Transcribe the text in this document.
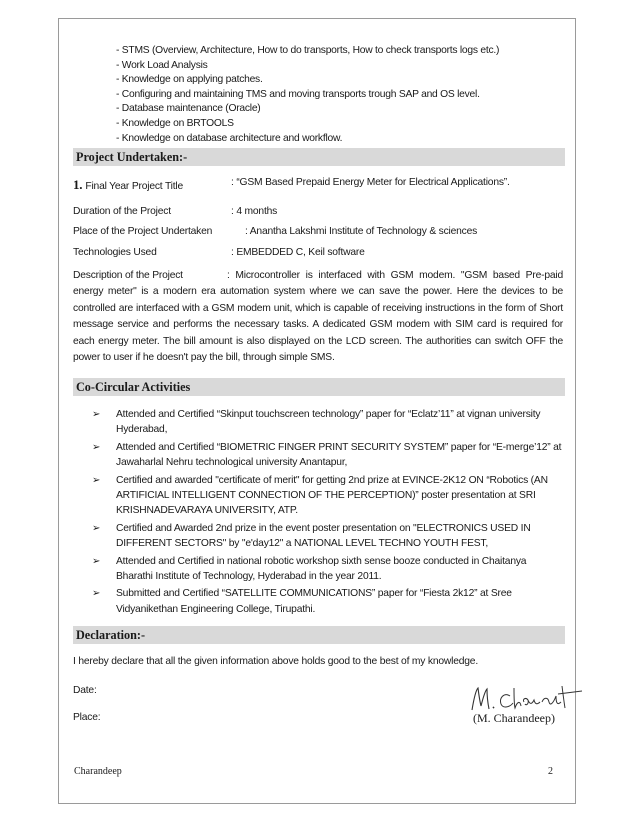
- STMS (Overview, Architecture, How to do transports, How to check transports logs etc.)
- Work Load Analysis
- Knowledge on applying patches.
- Configuring and maintaining TMS and moving transports trough SAP and OS level.
- Database maintenance (Oracle)
- Knowledge on BRTOOLS
- Knowledge on database architecture and workflow.
Project Undertaken:-
1. Final Year Project Title	: “GSM Based Prepaid Energy Meter for Electrical Applications”.
Duration of the Project	: 4 months
Place of the Project Undertaken	: Anantha Lakshmi Institute of Technology & sciences
Technologies Used	: EMBEDDED C, Keil software

Description of the Project	: Microcontroller is interfaced with GSM modem. "GSM based Pre-paid energy meter" is a modern era automation system where we can save the power. Here the devices to be controlled are interfaced with a GSM modem unit, which is capable of receiving instructions in the form of Short message service and performs the necessary tasks. A dedicated GSM modem with SIM card is required for each energy meter. The bill amount is also displayed on the LCD screen. The authorities can switch OFF the power to user if he doesn't pay the bill, through simple SMS.

Co-Circular Activities
➢ Attended and Certified “Skinput touchscreen technology” paper for “Eclatz’11” at vignan university Hyderabad,
➢ Attended and Certified “BIOMETRIC FINGER PRINT SECURITY SYSTEM” paper for “E-merge’12” at Jawaharlal Nehru technological university Anantapur,
➢ Certified and awarded "certificate of merit" for getting 2nd prize at EVINCE-2K12 ON “Robotics (AN ARTIFICIAL INTELLIGENT CONNECTION OF THE PERCEPTION)” poster presentation at SRI KRISHNADEVARAYA UNIVERSITY, ATP.
➢ Certified and Awarded 2nd prize in the event poster presentation on "ELECTRONICS USED IN DIFFERENT SECTORS" by "e'day12" a NATIONAL LEVEL TECHNO YOUTH FEST,
➢ Attended and Certified in national robotic workshop sixth sense booze conducted in Chaitanya Bharathi Institute of Technology, Hyderabad in the year 2011.
➢ Submitted and Certified “SATELLITE COMMUNICATIONS” paper for “Fiesta 2k12” at Sree Vidyanikethan Engineering College, Tirupathi.
Declaration:-
I hereby declare that all the given information above holds good to the best of my knowledge.
Date:
Place:	(M. Charandeep)
Charandeep	2
